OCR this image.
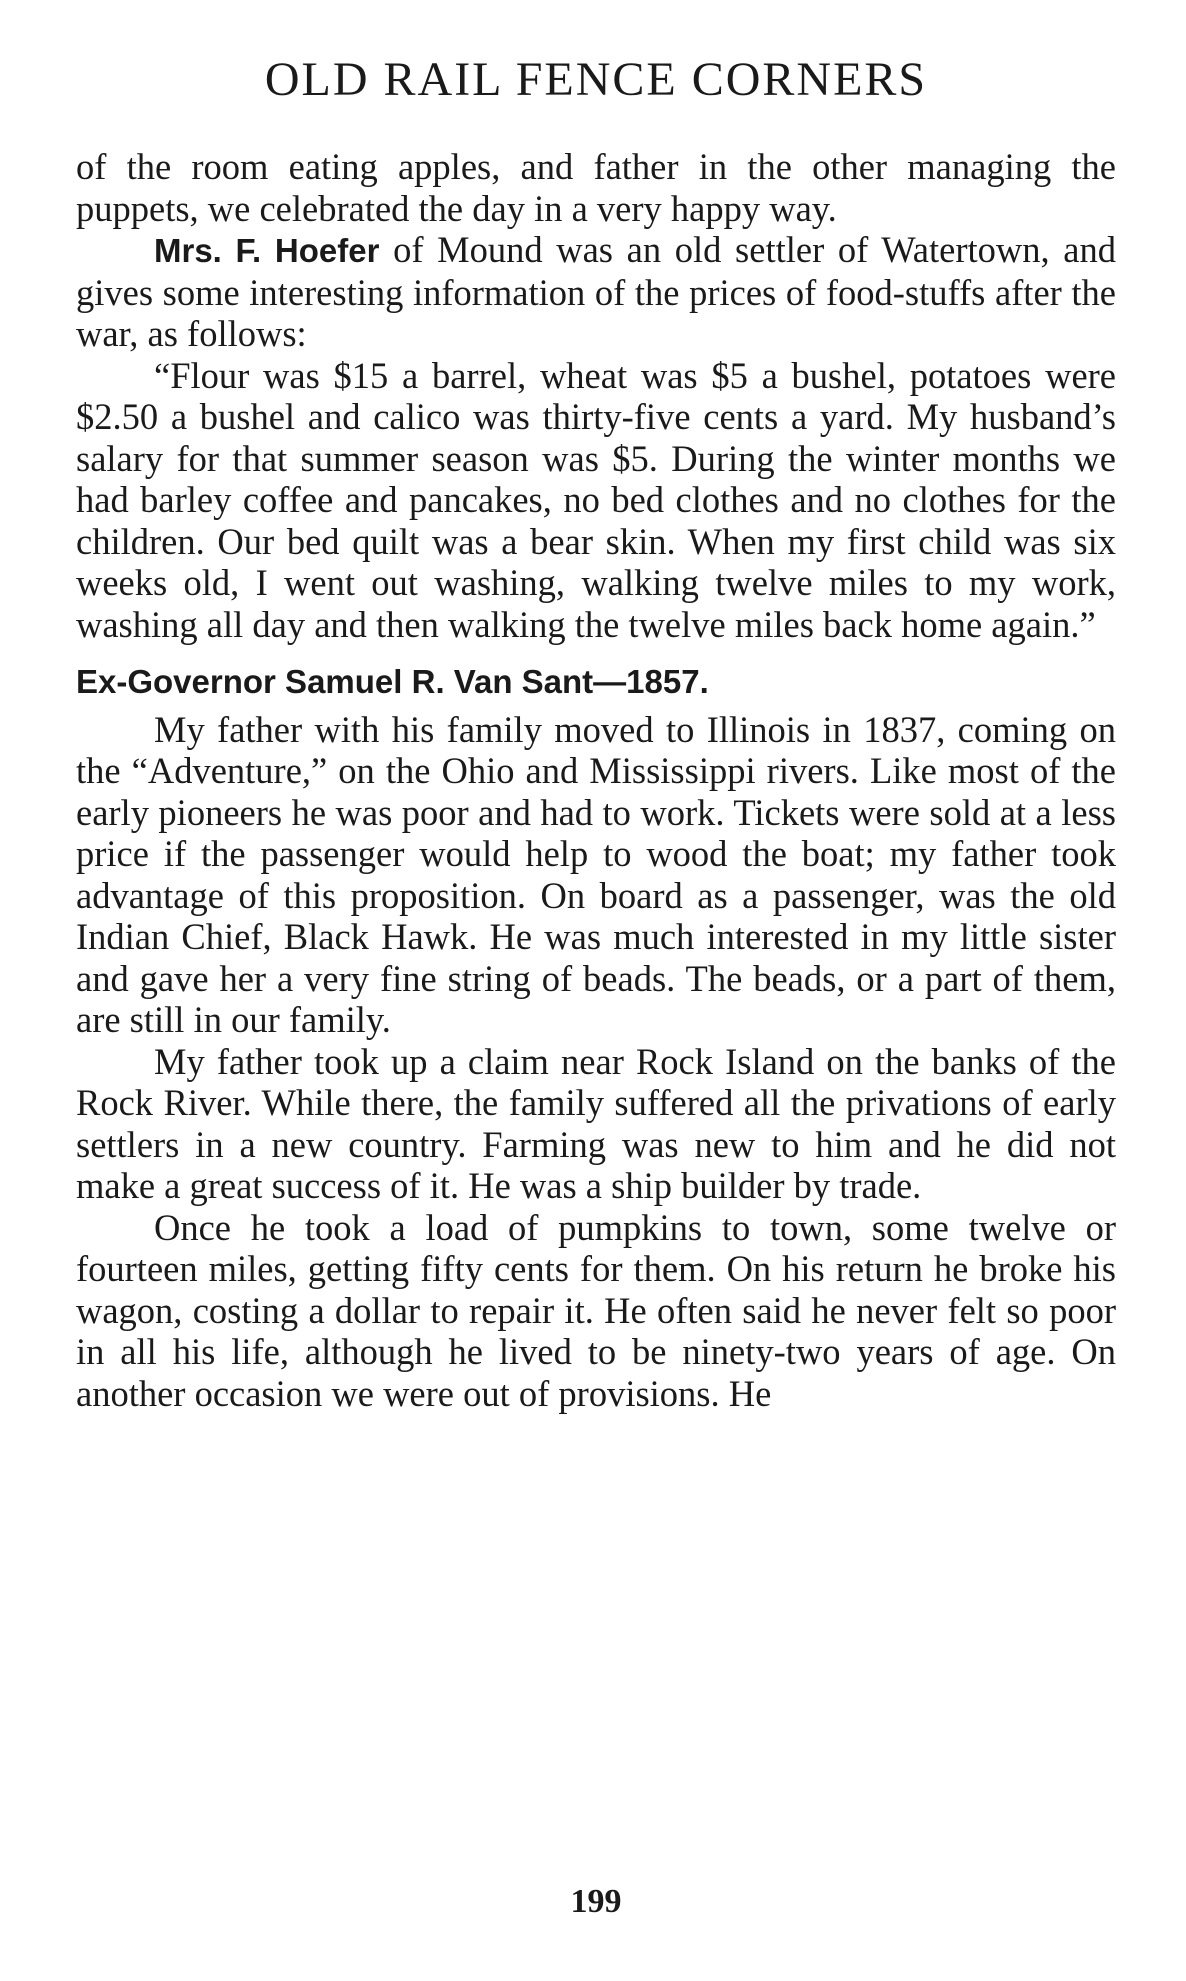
OLD RAIL FENCE CORNERS

of the room eating apples, and father in the other managing the puppets, we celebrated the day in a very happy way.

Mrs. F. Hoefer of Mound was an old settler of Watertown, and gives some interesting information of the prices of food-stuffs after the war, as follows:

“Flour was $15 a barrel, wheat was $5 a bushel, potatoes were $2.50 a bushel and calico was thirty-five cents a yard. My husband’s salary for that summer season was $5. During the winter months we had barley coffee and pancakes, no bed clothes and no clothes for the children. Our bed quilt was a bear skin. When my first child was six weeks old, I went out washing, walking twelve miles to my work, washing all day and then walking the twelve miles back home again.”

Ex-Governor Samuel R. Van Sant—1857.

My father with his family moved to Illinois in 1837, coming on the “Adventure,” on the Ohio and Mississippi rivers. Like most of the early pioneers he was poor and had to work. Tickets were sold at a less price if the passenger would help to wood the boat; my father took advantage of this proposition. On board as a passenger, was the old Indian Chief, Black Hawk. He was much interested in my little sister and gave her a very fine string of beads. The beads, or a part of them, are still in our family.

My father took up a claim near Rock Island on the banks of the Rock River. While there, the family suffered all the privations of early settlers in a new country. Farming was new to him and he did not make a great success of it. He was a ship builder by trade.

Once he took a load of pumpkins to town, some twelve or fourteen miles, getting fifty cents for them. On his return he broke his wagon, costing a dollar to repair it. He often said he never felt so poor in all his life, although he lived to be ninety-two years of age. On another occasion we were out of provisions. He

199
